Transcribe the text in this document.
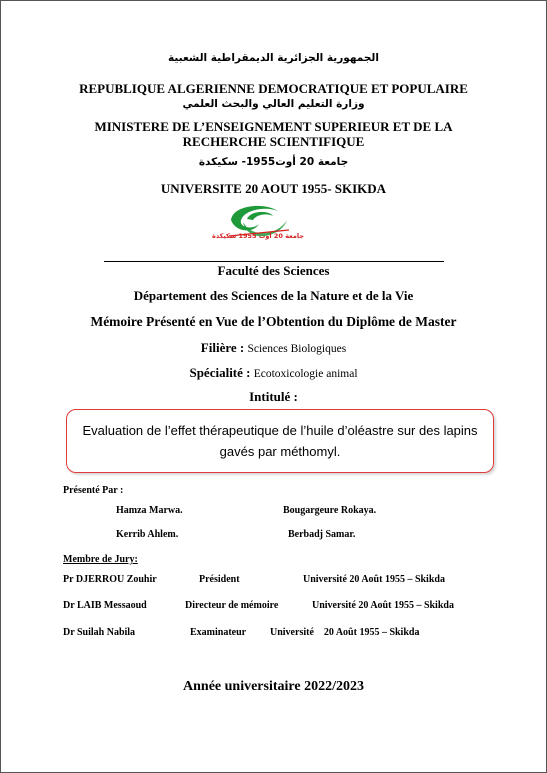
الجمهورية الجزائرية الديمقراطية الشعبية
REPUBLIQUE ALGERIENNE DEMOCRATIQUE ET POPULAIRE
وزارة التعليم العالي والبحث العلمي
MINISTERE DE L’ENSEIGNEMENT SUPERIEUR ET DE LA
RECHERCHE SCIENTIFIQUE
جامعة 20 أوت1955- سكيكدة
UNIVERSITE 20 AOUT 1955- SKIKDA
جامعة 20 أوت 1955 سكيكدة
Faculté des Sciences
Département des Sciences de la Nature et de la Vie
Mémoire Présenté en Vue de l’Obtention du Diplôme de Master
Filière : Sciences Biologiques
Spécialité : Ecotoxicologie animal
Intitulé :
Evaluation de l’effet thérapeutique de l’huile d’oléastre sur des lapins gavés par méthomyl.
Présenté Par :
Hamza Marwa.	Bougargeure Rokaya.
Kerrib Ahlem.	Berbadj Samar.
Membre de Jury:
Pr DJERROU Zouhir	Président	Université 20 Août 1955 – Skikda
Dr LAIB Messaoud	Directeur de mémoire	Université 20 Août 1955 – Skikda
Dr Suilah Nabila	Examinateur Université    20 Août 1955 – Skikda
Année universitaire 2022/2023
